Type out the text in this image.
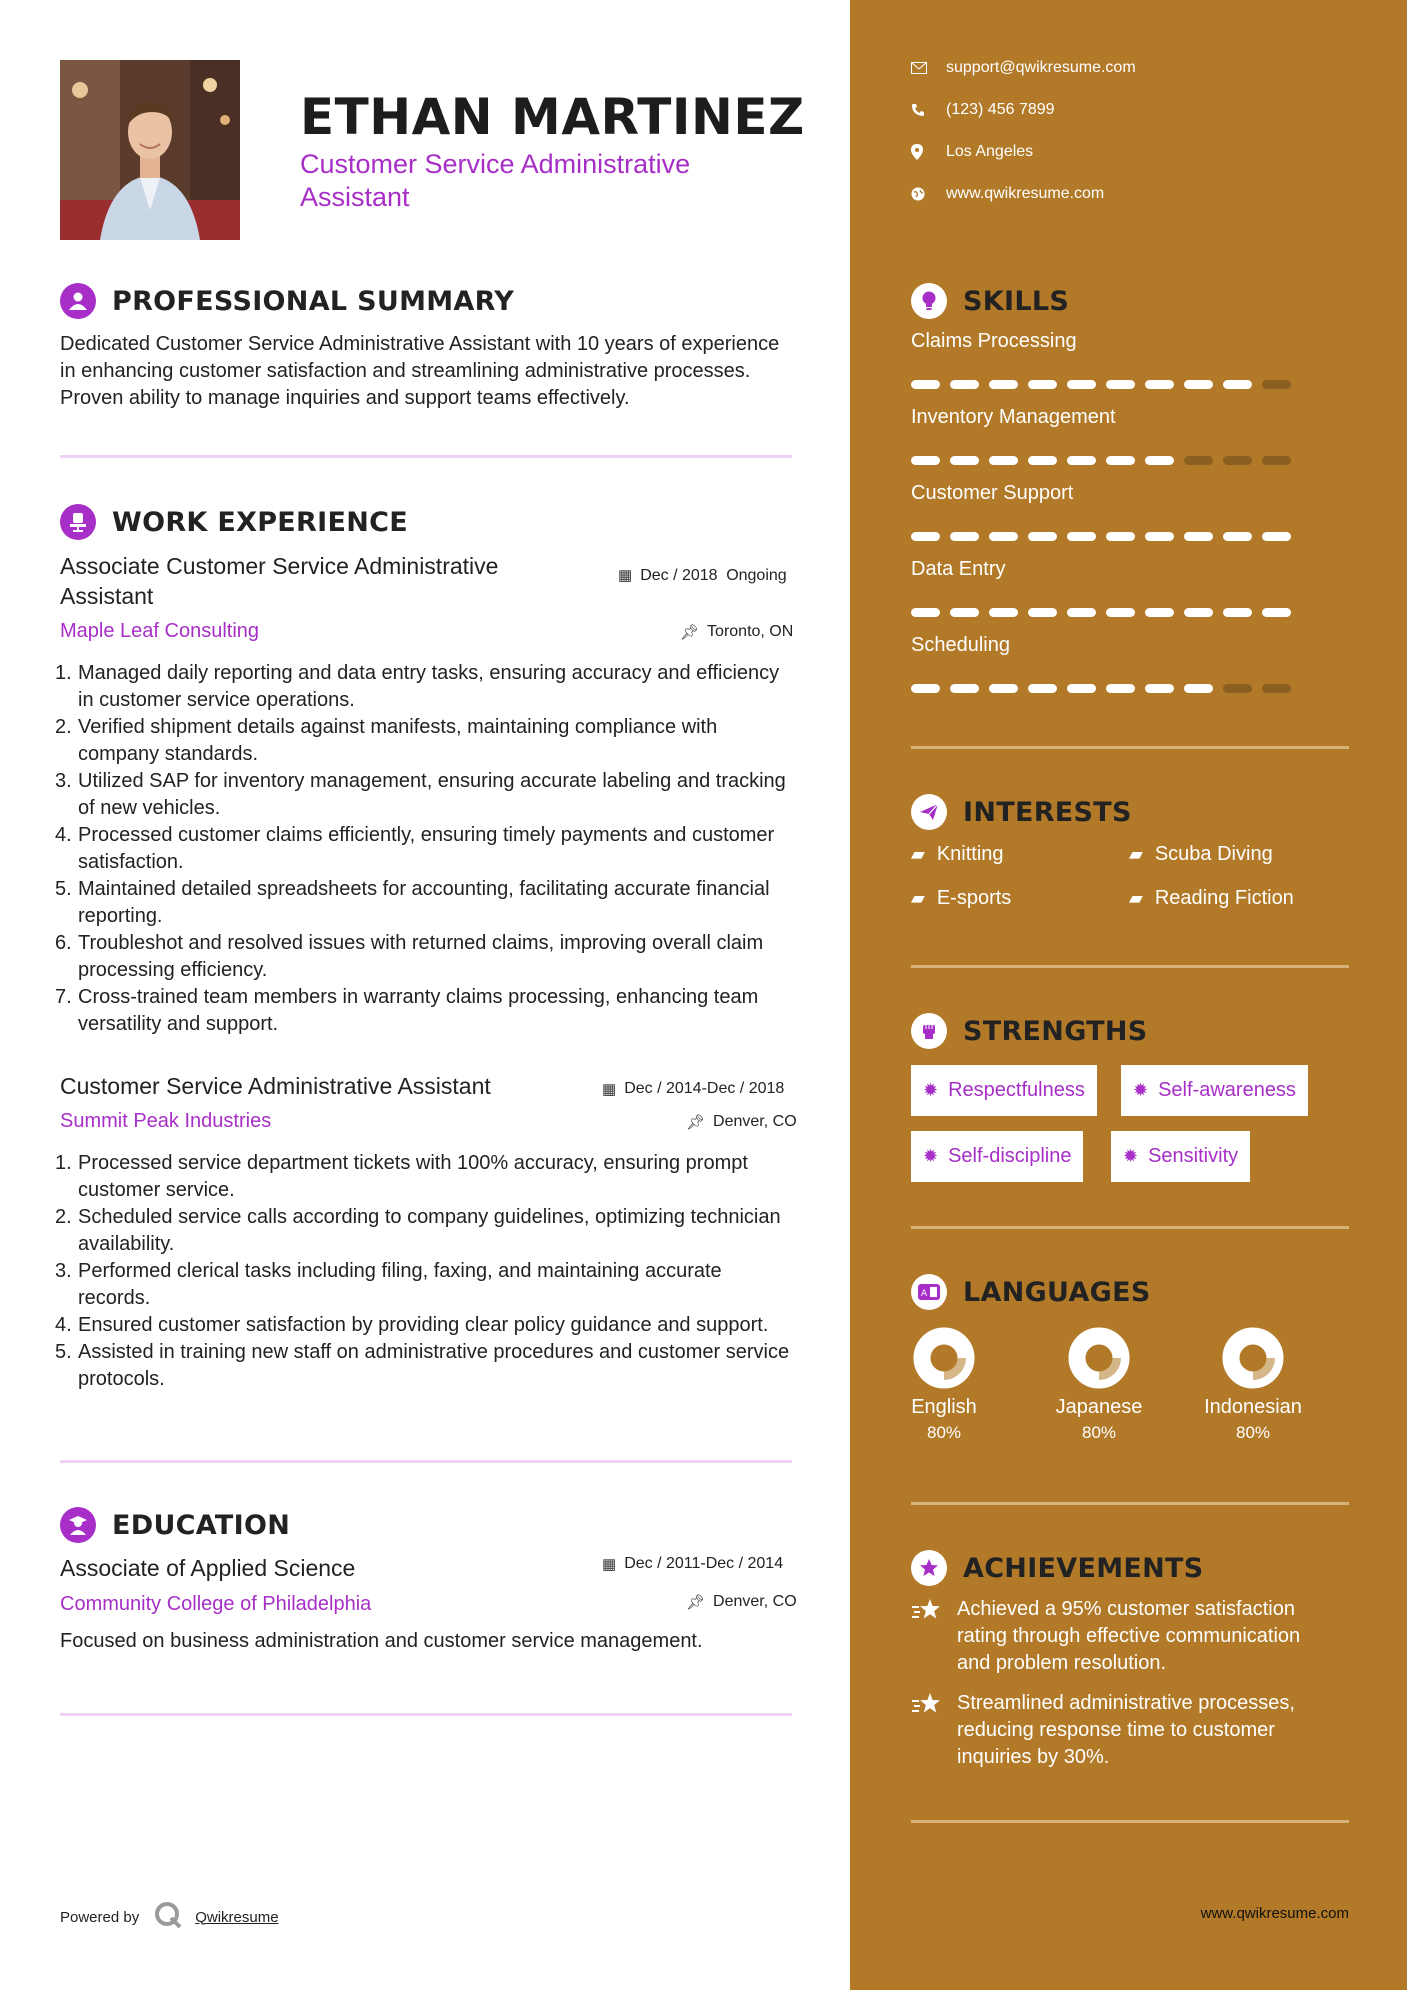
ETHAN MARTINEZ
Customer Service Administrative Assistant
PROFESSIONAL SUMMARY
Dedicated Customer Service Administrative Assistant with 10 years of experience in enhancing customer satisfaction and streamlining administrative processes. Proven ability to manage inquiries and support teams effectively.
WORK EXPERIENCE
Associate Customer Service Administrative Assistant
▦ Dec / 2018 Ongoing
Maple Leaf Consulting	📌︎ Toronto, ON
1. Managed daily reporting and data entry tasks, ensuring accuracy and efficiency in customer service operations.
2. Verified shipment details against manifests, maintaining compliance with company standards.
3. Utilized SAP for inventory management, ensuring accurate labeling and tracking of new vehicles.
4. Processed customer claims efficiently, ensuring timely payments and customer satisfaction.
5. Maintained detailed spreadsheets for accounting, facilitating accurate financial reporting.
6. Troubleshot and resolved issues with returned claims, improving overall claim processing efficiency.
7. Cross-trained team members in warranty claims processing, enhancing team versatility and support.
Customer Service Administrative Assistant	▦ Dec / 2014-Dec / 2018
Summit Peak Industries	📌︎ Denver, CO
1. Processed service department tickets with 100% accuracy, ensuring prompt customer service.
2. Scheduled service calls according to company guidelines, optimizing technician availability.
3. Performed clerical tasks including filing, faxing, and maintaining accurate records.
4. Ensured customer satisfaction by providing clear policy guidance and support.
5. Assisted in training new staff on administrative procedures and customer service protocols.
EDUCATION
Associate of Applied Science	▦ Dec / 2011-Dec / 2014
Community College of Philadelphia	📌︎ Denver, CO
Focused on business administration and customer service management.
Powered by	Qwikresume
support@qwikresume.com
(123) 456 7899
Los Angeles
www.qwikresume.com
SKILLS
Claims Processing
Inventory Management
Customer Support
Data Entry
Scheduling
INTERESTS
▰ Knitting	▰ Scuba Diving
▰ E-sports	▰ Reading Fiction
STRENGTHS
✹ Respectfulness	✹ Self-awareness
✹ Self-discipline	✹ Sensitivity
A LANGUAGES
English
80%
Japanese
80%
Indonesian
80%
ACHIEVEMENTS
Achieved a 95% customer satisfaction rating through effective communication and problem resolution.
Streamlined administrative processes, reducing response time to customer inquiries by 30%.
www.qwikresume.com
